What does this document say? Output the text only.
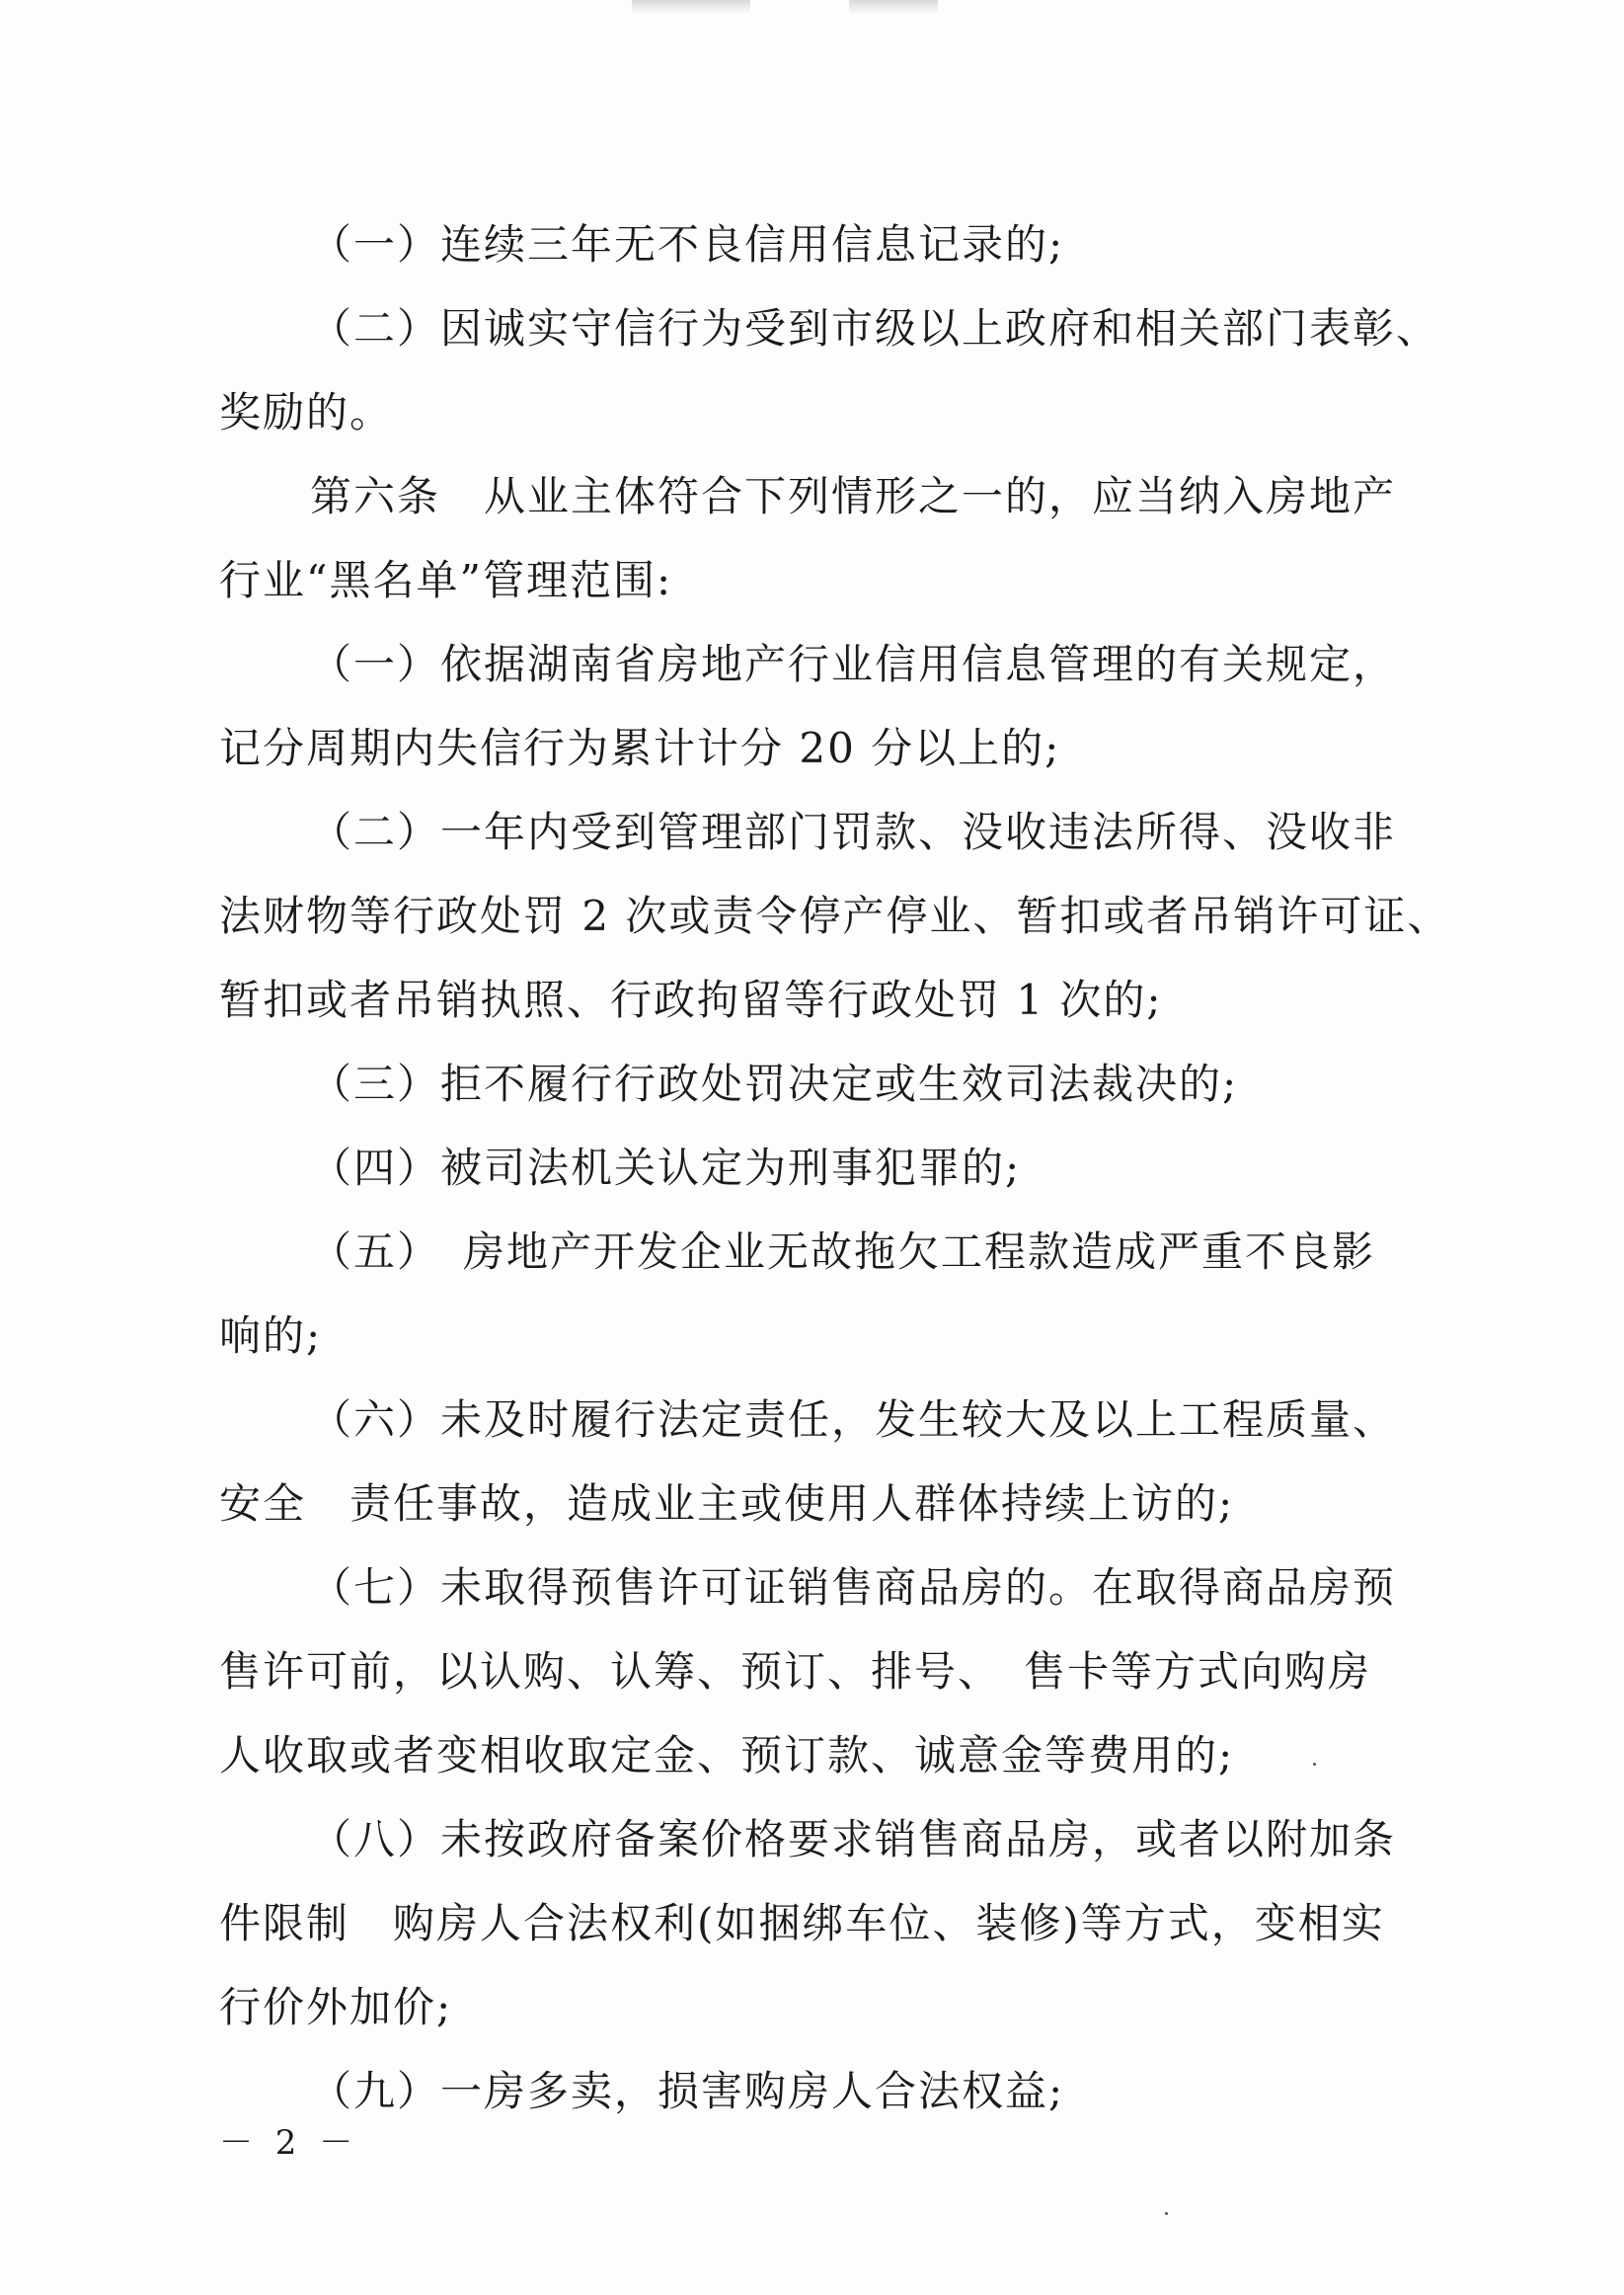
（一）连续三年无不良信用信息记录的;
（二）因诚实守信行为受到市级以上政府和相关部门表彰、
奖励的。
第六条　从业主体符合下列情形之一的，应当纳入房地产
行业“黑名单”管理范围:
（一）依据湖南省房地产行业信用信息管理的有关规定，
记分周期内失信行为累计计分 20 分以上的;
（二）一年内受到管理部门罚款、没收违法所得、没收非
法财物等行政处罚 2 次或责令停产停业、暂扣或者吊销许可证、
暂扣或者吊销执照、行政拘留等行政处罚 1 次的;
（三）拒不履行行政处罚决定或生效司法裁决的;
（四）被司法机关认定为刑事犯罪的;
（五）　房地产开发企业无故拖欠工程款造成严重不良影
响的;
（六）未及时履行法定责任，发生较大及以上工程质量、
安全　责任事故，造成业主或使用人群体持续上访的;
（七）未取得预售许可证销售商品房的。在取得商品房预
售许可前，以认购、认筹、预订、排号、　售卡等方式向购房
人收取或者变相收取定金、预订款、诚意金等费用的;
（八）未按政府备案价格要求销售商品房，或者以附加条
件限制　购房人合法权利(如捆绑车位、装修)等方式，变相实
行价外加价;
（九）一房多卖，损害购房人合法权益;
－ 2 －
